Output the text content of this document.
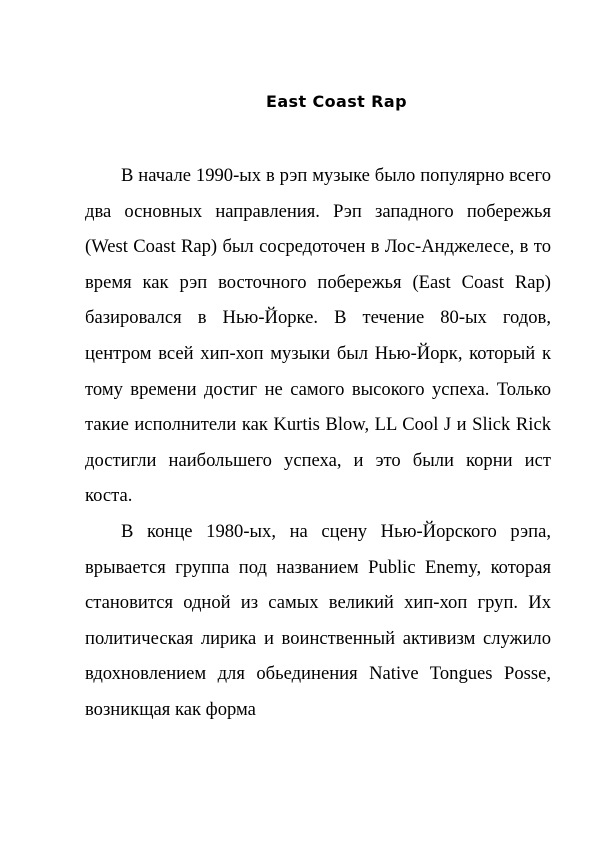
East Coast Rap

В начале 1990-ых в рэп музыке было популярно всего два основных направления. Рэп западного побережья (West Coast Rap) был сосредоточен в Лос-Анджелесе, в то время как рэп восточного побережья (East Coast Rap) базировался в Нью-Йорке. В течение 80-ых годов, центром всей хип-хоп музыки был Нью-Йорк, который к тому времени достиг не самого высокого успеха. Только такие исполнители как Kurtis Blow, LL Cool J и Slick Rick достигли наибольшего успеха, и это были корни ист коста.

В конце 1980-ых, на сцену Нью-Йорского рэпа, врывается группа под названием Public Enemy, которая становится одной из самых великий хип-хоп груп. Их политическая лирика и воинственный активизм служило вдохновлением для обьединения Native Tongues Posse, возникщая как форма
